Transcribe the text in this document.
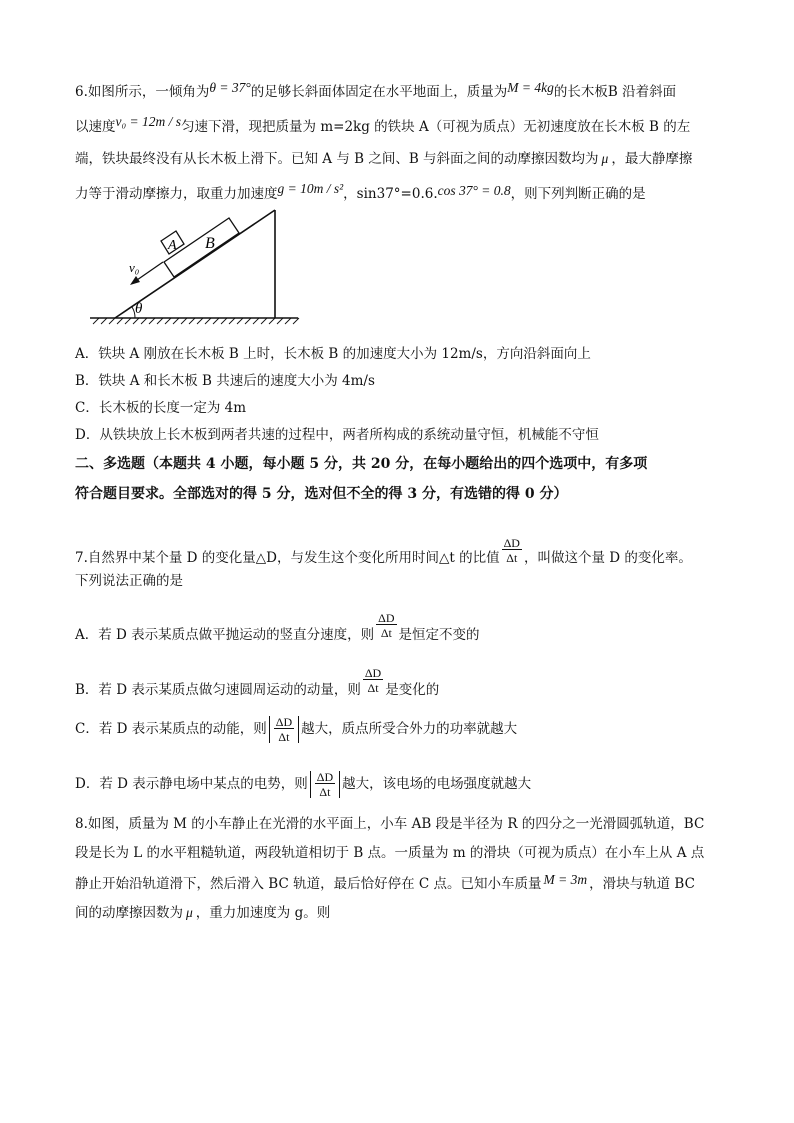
6.如图所示，一倾角为θ = 37°的足够长斜面体固定在水平地面上，质量为M = 4kg的长木板B 沿着斜面
以速度v₀ = 12m / s匀速下滑，现把质量为 m=2kg 的铁块 A（可视为质点）无初速度放在长木板 B 的左
端，铁块最终没有从长木板上滑下。已知 A 与 B 之间、B 与斜面之间的动摩擦因数均为 μ ，最大静摩擦
力等于滑动摩擦力，取重力加速度g = 10m / s²，sin37°=0.6.cos 37° = 0.8，则下列判断正确的是
θ
A B
v₀
A．铁块 A 刚放在长木板 B 上时，长木板 B 的加速度大小为 12m/s，方向沿斜面向上
B．铁块 A 和长木板 B 共速后的速度大小为 4m/s
C．长木板的长度一定为 4m
D．从铁块放上长木板到两者共速的过程中，两者所构成的系统动量守恒，机械能不守恒
二、多选题（本题共 4 小题，每小题 5 分，共 20 分，在每小题给出的四个选项中，有多项
符合题目要求。全部选对的得 5 分，选对但不全的得 3 分，有选错的得 0 分）
7.自然界中某个量 D 的变化量△D，与发生这个变化所用时间△t 的比值 $\frac{\Delta D}{\Delta t}$ ，叫做这个量 D 的变化率。
下列说法正确的是
A．若 D 表示某质点做平抛运动的竖直分速度，则 $\frac{\Delta D}{\Delta t}$ 是恒定不变的
B．若 D 表示某质点做匀速圆周运动的动量，则 $\frac{\Delta D}{\Delta t}$ 是变化的
C．若 D 表示某质点的动能，则 $\frac{\Delta D}{\Delta t}$ 越大，质点所受合外力的功率就越大
D．若 D 表示静电场中某点的电势，则 $\frac{\Delta D}{\Delta t}$ 越大，该电场的电场强度就越大
8.如图，质量为 M 的小车静止在光滑的水平面上，小车 AB 段是半径为 R 的四分之一光滑圆弧轨道，BC
段是长为 L 的水平粗糙轨道，两段轨道相切于 B 点。一质量为 m 的滑块（可视为质点）在小车上从 A 点
静止开始沿轨道滑下，然后滑入 BC 轨道，最后恰好停在 C 点。已知小车质量 M = 3m ，滑块与轨道 BC
间的动摩擦因数为 μ ，重力加速度为 g。则
